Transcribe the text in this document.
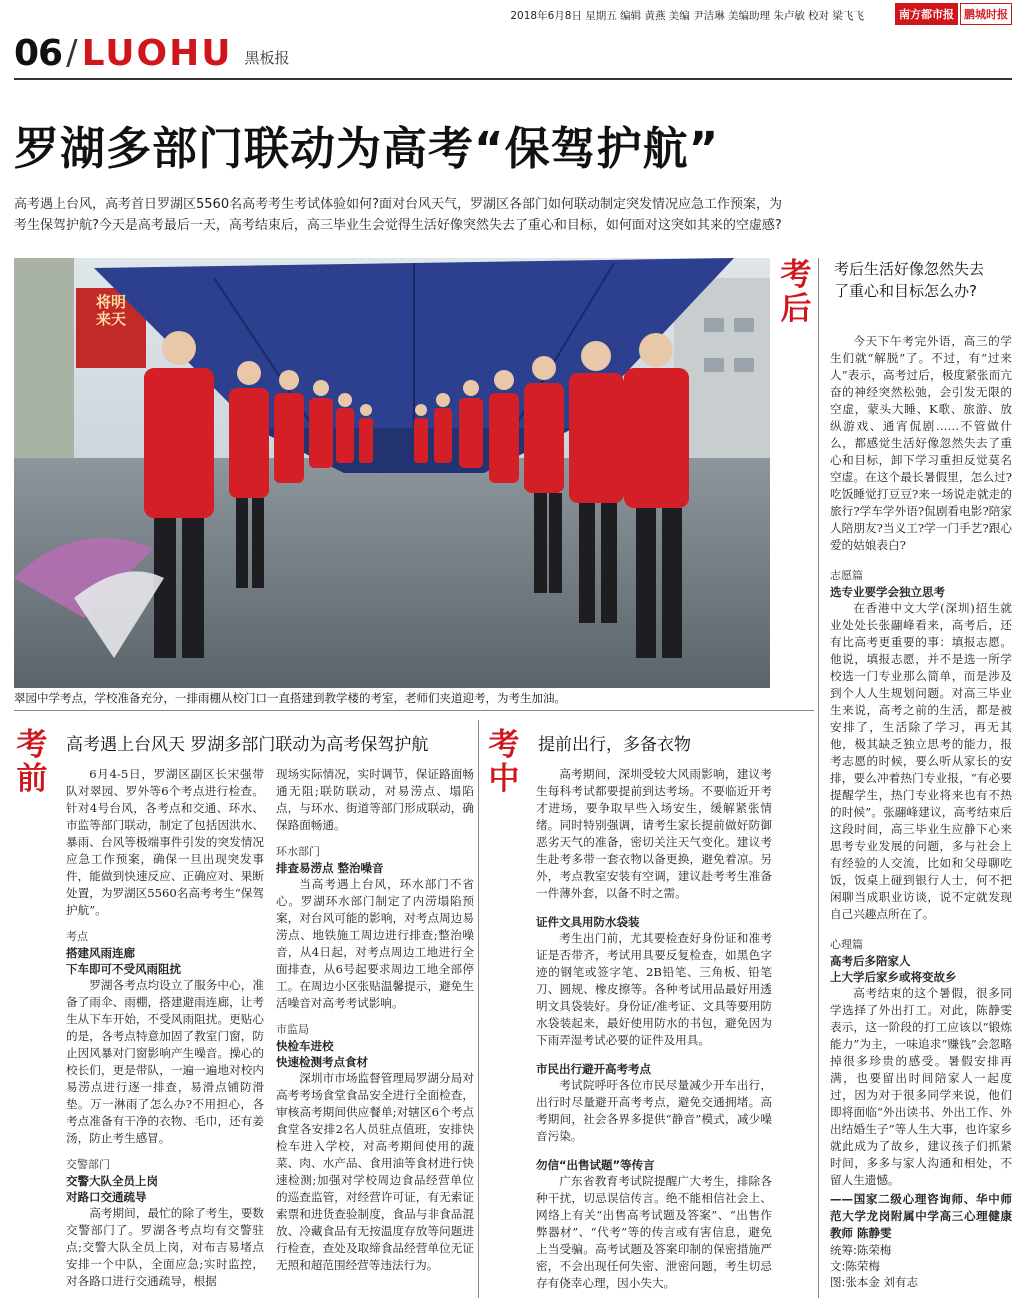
2018年6月8日 星期五 编辑 黄燕 美编 尹洁琳 美编助理 朱卢敏 校对 梁飞飞	南方都市报 鹏城时报
06 / LUOHU 黑板报
罗湖多部门联动为高考“保驾护航”
高考遇上台风，高考首日罗湖区5560名高考考生考试体验如何?面对台风天气，罗湖区各部门如何联动制定突发情况应急工作预案，为考生保驾护航?今天是高考最后一天，高考结束后，高三毕业生会觉得生活好像突然失去了重心和目标，如何面对这突如其来的空虚感?
将明来天
翠园中学考点，学校准备充分，一排雨棚从校门口一直搭建到教学楼的考室，老师们夹道迎考，为考生加油。
考后
考后生活好像忽然失去了重心和目标怎么办?

今天下午考完外语，高三的学生们就“解脱”了。不过，有“过来人”表示，高考过后，极度紧张而亢奋的神经突然松弛，会引发无限的空虚，蒙头大睡、K歌、旅游、放纵游戏、通宵侃剧……不管做什么，都感觉生活好像忽然失去了重心和目标，卸下学习重担反觉莫名空虚。在这个最长暑假里，怎么过?吃饭睡觉打豆豆?来一场说走就走的旅行?学车学外语?侃剧看电影?陪家人陪朋友?当义工?学一门手艺?跟心爱的姑娘表白?

志愿篇
选专业要学会独立思考

在香港中文大学(深圳)招生就业处处长张翮峰看来，高考后，还有比高考更重要的事：填报志愿。他说，填报志愿，并不是选一所学校选一门专业那么简单，而是涉及到个人人生规划问题。对高三毕业生来说，高考之前的生活，都是被安排了，生活除了学习，再无其他，极其缺乏独立思考的能力，报考志愿的时候，要么听从家长的安排，要么冲着热门专业报，“有必要提醒学生，热门专业将来也有不热的时候”。张翮峰建议，高考结束后这段时间，高三毕业生应静下心来思考专业发展的问题，多与社会上有经验的人交流，比如和父母聊吃饭，饭桌上碰到银行人士，何不把闲聊当成职业访谈，说不定就发现自己兴趣点所在了。

心理篇
高考后多陪家人
上大学后家乡或将变故乡

高考结束的这个暑假，很多同学选择了外出打工。对此，陈静雯表示，这一阶段的打工应该以“锻炼能力”为主，一味追求“赚钱”会忽略掉很多珍贵的感受。暑假安排再满，也要留出时间陪家人一起度过，因为对于很多同学来说，他们即将面临“外出读书、外出工作、外出结婚生子”等人生大事，也许家乡就此成为了故乡，建议孩子们抓紧时间，多多与家人沟通和相处，不留人生遗憾。

——国家二级心理咨询师、华中师范大学龙岗附属中学高三心理健康教师 陈静雯
统筹:陈荣梅
文:陈荣梅
图:张本金 刘有志
考前
高考遇上台风天 罗湖多部门联动为高考保驾护航

6月4-5日，罗湖区副区长宋强带队对翠园、罗外等6个考点进行检查。针对4号台风，各考点和交通、环水、市监等部门联动，制定了包括因洪水、暴雨、台风等极端事件引发的突发情况应急工作预案，确保一旦出现突发事件，能做到快速反应、正确应对、果断处置，为罗湖区5560名高考考生“保驾护航”。

考点
搭建风雨连廊
下车即可不受风雨阻扰

罗湖各考点均设立了服务中心，准备了雨伞、雨棚，搭建避雨连廊，让考生从下车开始，不受风雨阻扰。更贴心的是，各考点特意加固了教室门窗，防止因风暴对门窗影响产生噪音。操心的校长们，更是带队，一遍一遍地对校内易涝点进行逐一排查，易滑点铺防滑垫。万一淋雨了怎么办?不用担心，各考点准备有干净的衣物、毛巾，还有姜汤，防止考生感冒。

交警部门
交警大队全员上岗
对路口交通疏导

高考期间，最忙的除了考生，要数交警部门了。罗湖各考点均有交警驻点;交警大队全员上岗，对布吉易堵点安排一个中队，全面应急;实时监控，对各路口进行交通疏导，根据

现场实际情况，实时调节，保证路面畅通无阻;联防联动，对易涝点、塌陷点，与环水、街道等部门形成联动，确保路面畅通。

环水部门
排查易涝点 整治噪音

当高考遇上台风，环水部门不省心。罗湖环水部门制定了内涝塌陷预案，对台风可能的影响，对考点周边易涝点、地铁施工周边进行排查;整治噪音，从4日起，对考点周边工地进行全面排查，从6号起要求周边工地全部停工。在周边小区张贴温馨提示，避免生活噪音对高考考试影响。

市监局
快检车进校
快速检测考点食材

深圳市市场监督管理局罗湖分局对高考考场食堂食品安全进行全面检查，审核高考期间供应餐单;对辖区6个考点食堂各安排2名人员驻点值班，安排快检车进入学校，对高考期间使用的蔬菜、肉、水产品、食用油等食材进行快速检测;加强对学校周边食品经营单位的巡查监管，对经营许可证，有无索证索票和进货查验制度，食品与非食品混放、冷藏食品有无按温度存放等问题进行检查，查处及取缔食品经营单位无证无照和超范围经营等违法行为。

考中
提前出行，多备衣物

高考期间，深圳受较大风雨影响，建议考生每科考试都要提前到达考场。不要临近开考才进场，要争取早些入场安生，缓解紧张情绪。同时特别强调，请考生家长提前做好防御恶劣天气的准备，密切关注天气变化。建议考生赴考多带一套衣物以备更换，避免着凉。另外，考点教室安装有空调，建议赴考考生准备一件薄外套，以备不时之需。

证件文具用防水袋装

考生出门前，尤其要检查好身份证和准考证是否带齐，考试用具要反复检查，如黑色字迹的钢笔或签字笔、2B铅笔、三角板、铅笔刀、圆规、橡皮擦等。各种考试用品最好用透明文具袋装好。身份证/准考证、文具等要用防水袋装起来，最好使用防水的书包，避免因为下雨弄湿考试必要的证件及用具。

市民出行避开高考考点

考试院呼吁各位市民尽量减少开车出行，出行时尽量避开高考考点，避免交通拥堵。高考期间，社会各界多提供“静音”模式，减少噪音污染。

勿信“出售试题”等传言

广东省教育考试院提醒广大考生，排除各种干扰，切忌误信传言。绝不能相信社会上、网络上有关“出售高考试题及答案”、“出售作弊器材”、“代考”等的传言或有害信息，避免上当受骗。高考试题及答案印制的保密措施严密，不会出现任何失密、泄密问题，考生切忌存有侥幸心理，因小失大。
